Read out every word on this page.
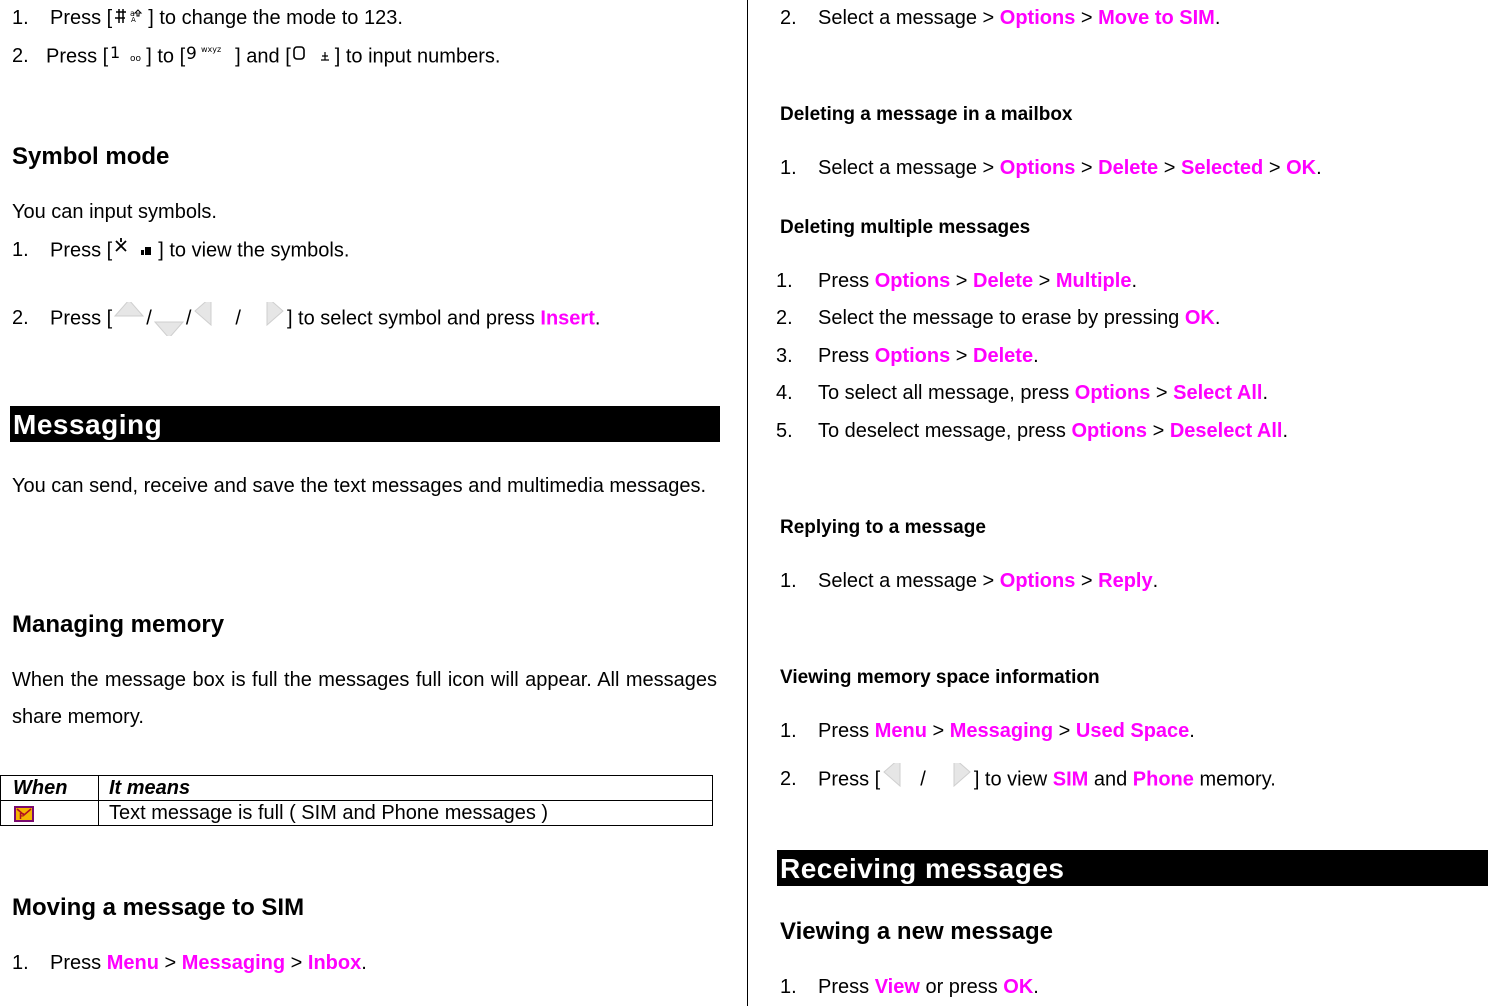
1. Press [ a
A ] to change the mode to 123.
2. Press [ 1 oo ] to [ 9 wxyz ] and [ ] to input numbers.
Symbol mode
You can input symbols.
1. Press [ ] to view the symbols.
2. Press [ / / / ] to select symbol and press Insert.
Messaging
You can send, receive and save the text messages and multimedia messages.
Managing memory
When the message box is full the messages full icon will appear. All messages share memory.
When	It means

F	Text message is full ( SIM and Phone messages )
Moving a message to SIM
1. Press Menu > Messaging > Inbox.
2. Select a message > Options > Move to SIM.
Deleting a message in a mailbox
1. Select a message > Options > Delete > Selected > OK.
Deleting multiple messages
1. Press Options > Delete > Multiple.
2. Select the message to erase by pressing OK.
3. Press Options > Delete.
4. To select all message, press Options > Select All.
5. To deselect message, press Options > Deselect All.
Replying to a message
1. Select a message > Options > Reply.
Viewing memory space information
1. Press Menu > Messaging > Used Space.
2. Press [ / ] to view SIM and Phone memory.
Receiving messages
Viewing a new message
1. Press View or press OK.
